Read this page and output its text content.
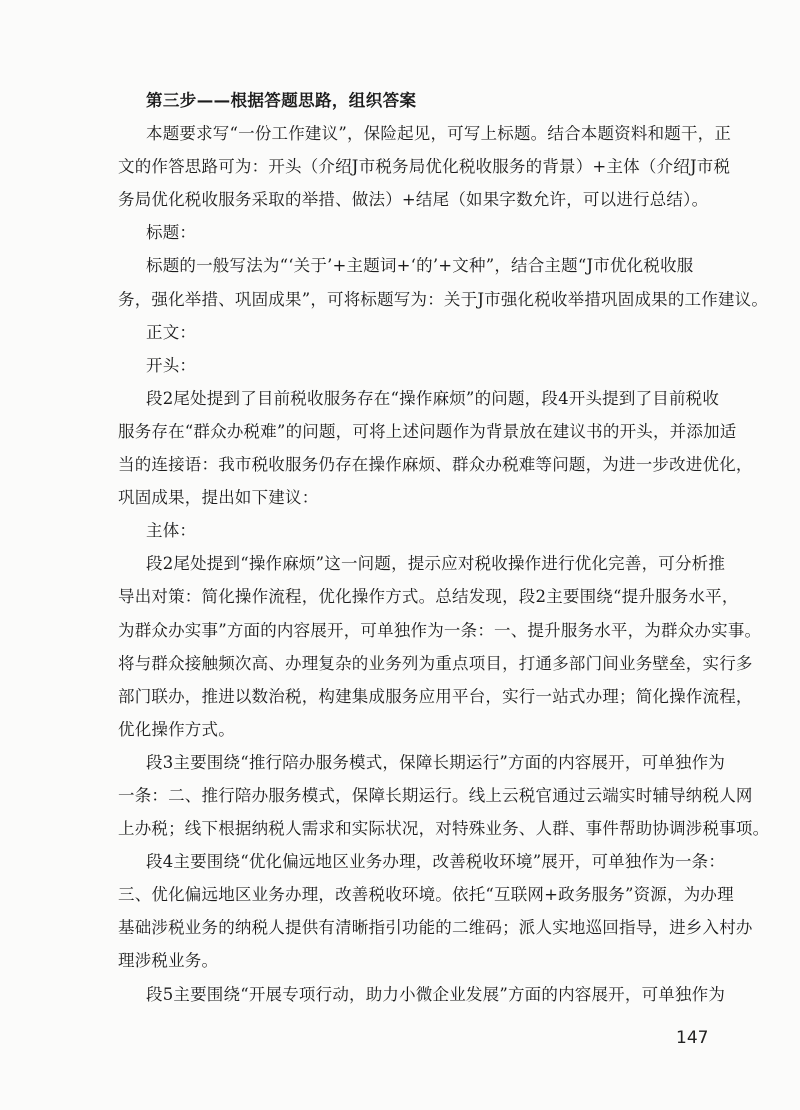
第三步——根据答题思路，组织答案
本题要求写“一份工作建议”，保险起见，可写上标题。结合本题资料和题干，正
文的作答思路可为：开头（介绍J市税务局优化税收服务的背景）+主体（介绍J市税
务局优化税收服务采取的举措、做法）+结尾（如果字数允许，可以进行总结）。
标题：
标题的一般写法为“‘关于’+主题词+‘的’+文种”，结合主题“J市优化税收服
务，强化举措、巩固成果”，可将标题写为：关于J市强化税收举措巩固成果的工作建议。
正文：
开头：
段2尾处提到了目前税收服务存在“操作麻烦”的问题，段4开头提到了目前税收
服务存在“群众办税难”的问题，可将上述问题作为背景放在建议书的开头，并添加适
当的连接语：我市税收服务仍存在操作麻烦、群众办税难等问题，为进一步改进优化，
巩固成果，提出如下建议：
主体：
段2尾处提到“操作麻烦”这一问题，提示应对税收操作进行优化完善，可分析推
导出对策：简化操作流程，优化操作方式。总结发现，段2主要围绕“提升服务水平，
为群众办实事”方面的内容展开，可单独作为一条：一、提升服务水平，为群众办实事。
将与群众接触频次高、办理复杂的业务列为重点项目，打通多部门间业务壁垒，实行多
部门联办，推进以数治税，构建集成服务应用平台，实行一站式办理；简化操作流程，
优化操作方式。
段3主要围绕“推行陪办服务模式，保障长期运行”方面的内容展开，可单独作为
一条：二、推行陪办服务模式，保障长期运行。线上云税官通过云端实时辅导纳税人网
上办税；线下根据纳税人需求和实际状况，对特殊业务、人群、事件帮助协调涉税事项。
段4主要围绕“优化偏远地区业务办理，改善税收环境”展开，可单独作为一条：
三、优化偏远地区业务办理，改善税收环境。依托“互联网+政务服务”资源，为办理
基础涉税业务的纳税人提供有清晰指引功能的二维码；派人实地巡回指导，进乡入村办
理涉税业务。
段5主要围绕“开展专项行动，助力小微企业发展”方面的内容展开，可单独作为
147
